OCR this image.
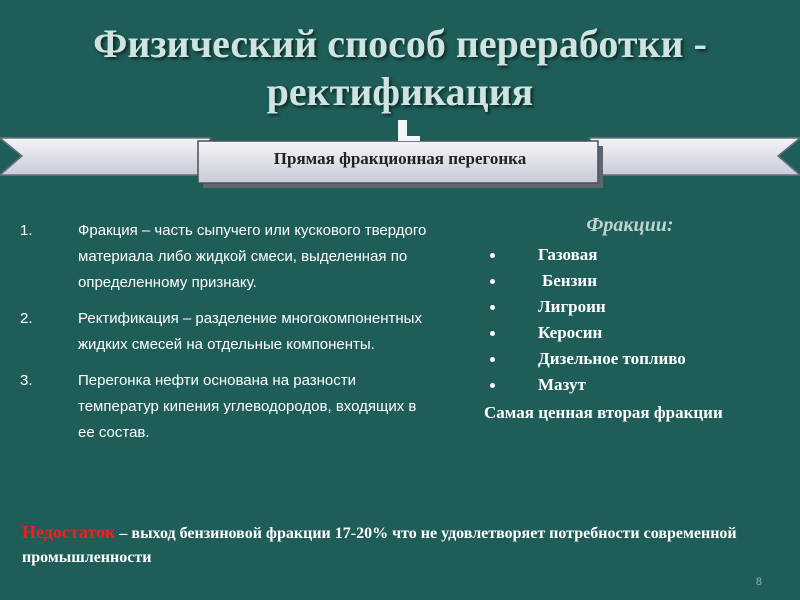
Физический способ переработки - ректификация
Прямая фракционная перегонка
1.	Фракция – часть сыпучего или кускового твердого материала либо жидкой смеси, выделенная по определенному признаку.
2.	Ректификация – разделение многокомпонентных жидких смесей на отдельные компоненты.
3.	Перегонка нефти основана на разности температур кипения углеводородов, входящих в ее состав.
Фракции:
Газовая
Бензин
Лигроин
Керосин
Дизельное топливо
Мазут
Самая ценная вторая фракции
Недостаток – выход бензиновой фракции 17-20% что не удовлетворяет потребности современной промышленности
8
